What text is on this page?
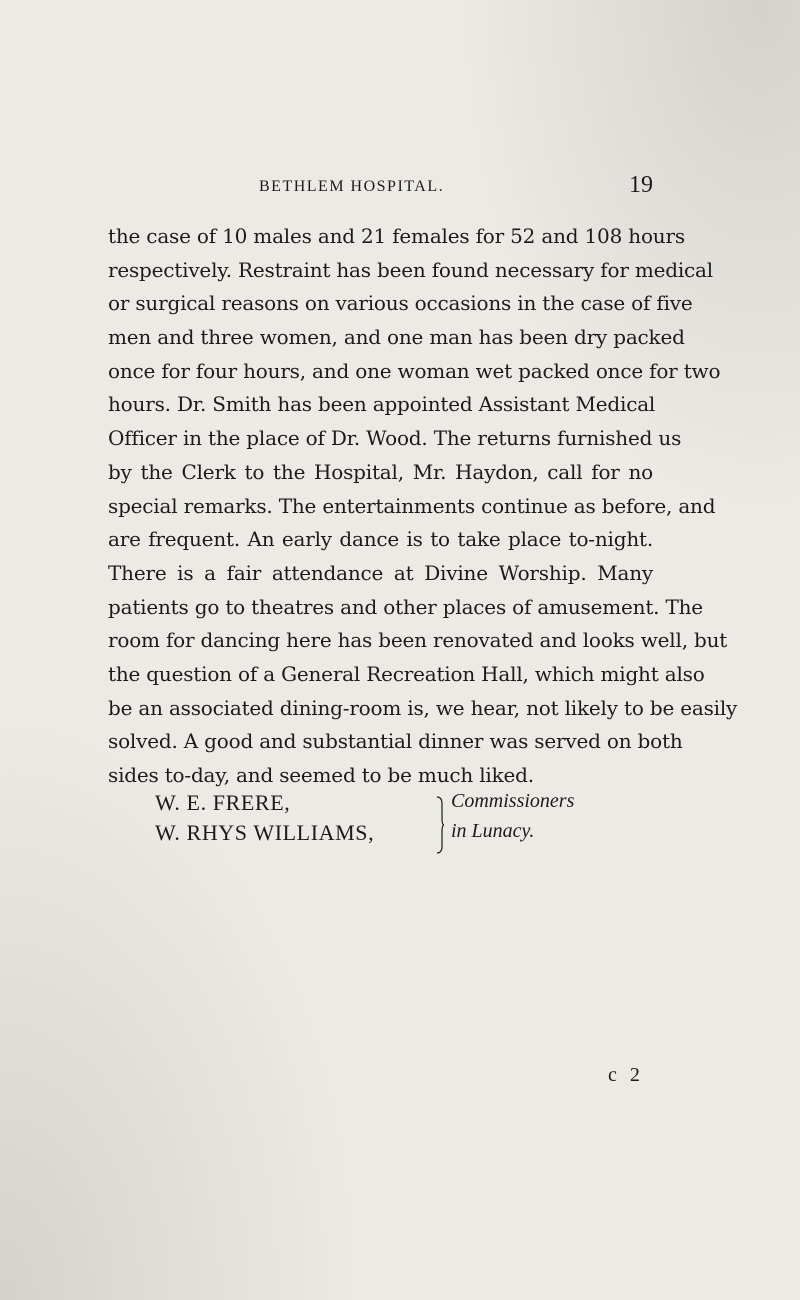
BETHLEM HOSPITAL.	19
the case of 10 males and 21 females for 52 and 108 hours
respectively. Restraint has been found necessary for medical
or surgical reasons on various occasions in the case of five
men and three women, and one man has been dry packed
once for four hours, and one woman wet packed once for two
hours. Dr. Smith has been appointed Assistant Medical
Officer in the place of Dr. Wood. The returns furnished us
by the Clerk to the Hospital, Mr. Haydon, call for no
special remarks. The entertainments continue as before, and
are frequent. An early dance is to take place to-night.
There is a fair attendance at Divine Worship. Many
patients go to theatres and other places of amusement. The
room for dancing here has been renovated and looks well, but
the question of a General Recreation Hall, which might also
be an associated dining-room is, we hear, not likely to be easily
solved. A good and substantial dinner was served on both
sides to-day, and seemed to be much liked.
W. E. FRERE,
W. RHYS WILLIAMS,
Commissioners
in Lunacy.
c 2
